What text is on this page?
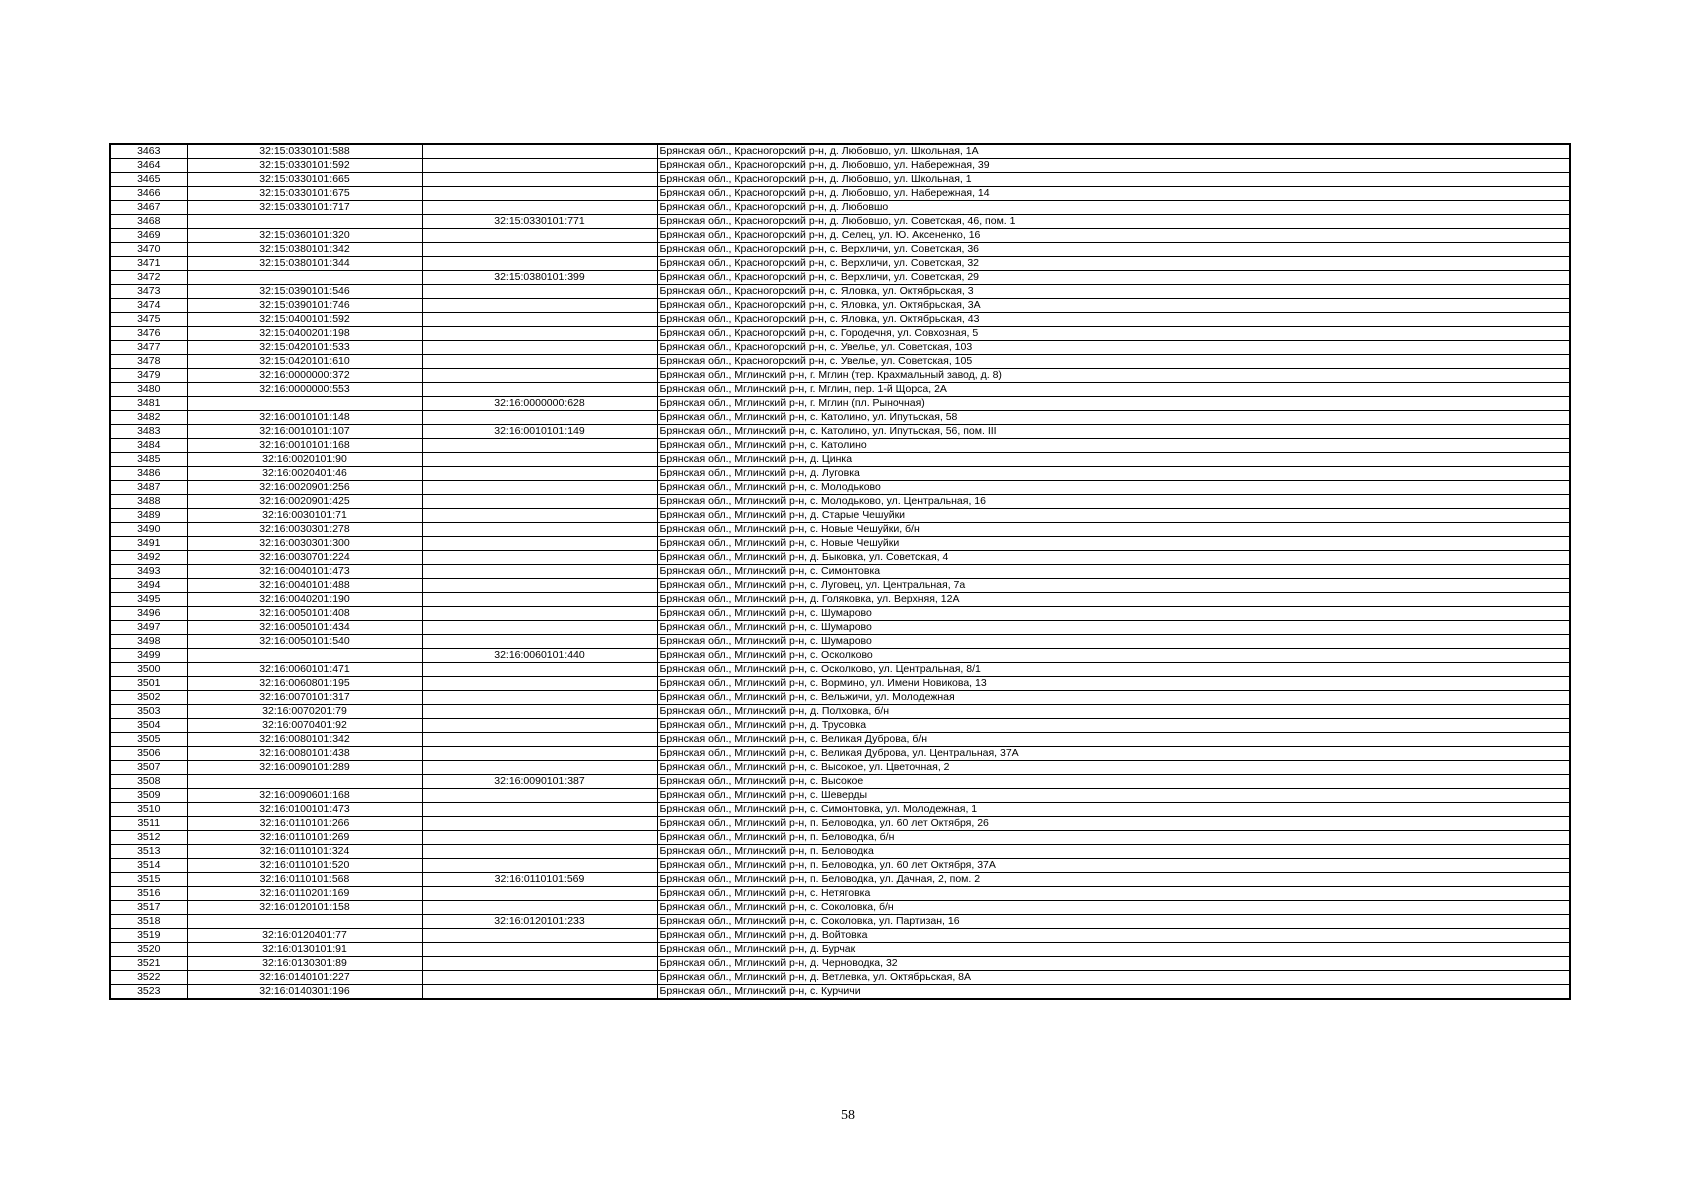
3463	32:15:0330101:588		Брянская обл., Красногорский р-н, д. Любовшо, ул. Школьная, 1А
3464	32:15:0330101:592		Брянская обл., Красногорский р-н, д. Любовшо, ул. Набережная, 39
3465	32:15:0330101:665		Брянская обл., Красногорский р-н, д. Любовшо, ул. Школьная, 1
3466	32:15:0330101:675		Брянская обл., Красногорский р-н, д. Любовшо, ул. Набережная, 14
3467	32:15:0330101:717		Брянская обл., Красногорский р-н, д. Любовшо
3468		32:15:0330101:771	Брянская обл., Красногорский р-н, д. Любовшо, ул. Советская, 46, пом. 1
3469	32:15:0360101:320		Брянская обл., Красногорский р-н, д. Селец, ул. Ю. Аксененко, 16
3470	32:15:0380101:342		Брянская обл., Красногорский р-н, с. Верхличи, ул. Советская, 36
3471	32:15:0380101:344		Брянская обл., Красногорский р-н, с. Верхличи, ул. Советская, 32
3472		32:15:0380101:399	Брянская обл., Красногорский р-н, с. Верхличи, ул. Советская, 29
3473	32:15:0390101:546		Брянская обл., Красногорский р-н, с. Яловка, ул. Октябрьская, 3
3474	32:15:0390101:746		Брянская обл., Красногорский р-н, с. Яловка, ул. Октябрьская, 3А
3475	32:15:0400101:592		Брянская обл., Красногорский р-н, с. Яловка, ул. Октябрьская, 43
3476	32:15:0400201:198		Брянская обл., Красногорский р-н, с. Городечня, ул. Совхозная, 5
3477	32:15:0420101:533		Брянская обл., Красногорский р-н, с. Увелье, ул. Советская, 103
3478	32:15:0420101:610		Брянская обл., Красногорский р-н, с. Увелье, ул. Советская, 105
3479	32:16:0000000:372		Брянская обл., Мглинский р-н, г. Мглин (тер. Крахмальный завод, д. 8)
3480	32:16:0000000:553		Брянская обл., Мглинский р-н, г. Мглин, пер. 1-й Щорса, 2А
3481		32:16:0000000:628	Брянская обл., Мглинский р-н, г. Мглин (пл. Рыночная)
3482	32:16:0010101:148		Брянская обл., Мглинский р-н, с. Католино, ул. Ипутьская, 58
3483	32:16:0010101:107	32:16:0010101:149	Брянская обл., Мглинский р-н, с. Католино, ул. Ипутьская, 56, пом. III
3484	32:16:0010101:168		Брянская обл., Мглинский р-н, с. Католино
3485	32:16:0020101:90		Брянская обл., Мглинский р-н, д. Цинка
3486	32:16:0020401:46		Брянская обл., Мглинский р-н, д. Луговка
3487	32:16:0020901:256		Брянская обл., Мглинский р-н, с. Молодьково
3488	32:16:0020901:425		Брянская обл., Мглинский р-н, с. Молодьково, ул. Центральная, 16
3489	32:16:0030101:71		Брянская обл., Мглинский р-н, д. Старые Чешуйки
3490	32:16:0030301:278		Брянская обл., Мглинский р-н, с. Новые Чешуйки, б/н
3491	32:16:0030301:300		Брянская обл., Мглинский р-н, с. Новые Чешуйки
3492	32:16:0030701:224		Брянская обл., Мглинский р-н, д. Быковка, ул. Советская, 4
3493	32:16:0040101:473		Брянская обл., Мглинский р-н, с. Симонтовка
3494	32:16:0040101:488		Брянская обл., Мглинский р-н, с. Луговец, ул. Центральная, 7а
3495	32:16:0040201:190		Брянская обл., Мглинский р-н, д. Голяковка, ул. Верхняя, 12А
3496	32:16:0050101:408		Брянская обл., Мглинский р-н, с. Шумарово
3497	32:16:0050101:434		Брянская обл., Мглинский р-н, с. Шумарово
3498	32:16:0050101:540		Брянская обл., Мглинский р-н, с. Шумарово
3499		32:16:0060101:440	Брянская обл., Мглинский р-н, с. Осколково
3500	32:16:0060101:471		Брянская обл., Мглинский р-н, с. Осколково, ул. Центральная, 8/1
3501	32:16:0060801:195		Брянская обл., Мглинский р-н, с. Вормино, ул. Имени Новикова, 13
3502	32:16:0070101:317		Брянская обл., Мглинский р-н, с. Вельжичи, ул. Молодежная
3503	32:16:0070201:79		Брянская обл., Мглинский р-н, д. Полховка, б/н
3504	32:16:0070401:92		Брянская обл., Мглинский р-н, д. Трусовка
3505	32:16:0080101:342		Брянская обл., Мглинский р-н, с. Великая Дуброва, б/н
3506	32:16:0080101:438		Брянская обл., Мглинский р-н, с. Великая Дуброва, ул. Центральная, 37А
3507	32:16:0090101:289		Брянская обл., Мглинский р-н, с. Высокое, ул. Цветочная, 2
3508		32:16:0090101:387	Брянская обл., Мглинский р-н, с. Высокое
3509	32:16:0090601:168		Брянская обл., Мглинский р-н, с. Шеверды
3510	32:16:0100101:473		Брянская обл., Мглинский р-н, с. Симонтовка, ул. Молодежная, 1
3511	32:16:0110101:266		Брянская обл., Мглинский р-н, п. Беловодка, ул. 60 лет Октября, 26
3512	32:16:0110101:269		Брянская обл., Мглинский р-н, п. Беловодка, б/н
3513	32:16:0110101:324		Брянская обл., Мглинский р-н, п. Беловодка
3514	32:16:0110101:520		Брянская обл., Мглинский р-н, п. Беловодка, ул. 60 лет Октября, 37А
3515	32:16:0110101:568	32:16:0110101:569	Брянская обл., Мглинский р-н, п. Беловодка, ул. Дачная, 2, пом. 2
3516	32:16:0110201:169		Брянская обл., Мглинский р-н, с. Нетяговка
3517	32:16:0120101:158		Брянская обл., Мглинский р-н, с. Соколовка, б/н
3518		32:16:0120101:233	Брянская обл., Мглинский р-н, с. Соколовка, ул. Партизан, 16
3519	32:16:0120401:77		Брянская обл., Мглинский р-н, д. Войтовка
3520	32:16:0130101:91		Брянская обл., Мглинский р-н, д. Бурчак
3521	32:16:0130301:89		Брянская обл., Мглинский р-н, д. Черноводка, 32
3522	32:16:0140101:227		Брянская обл., Мглинский р-н, д. Ветлевка, ул. Октябрьская, 8А
3523	32:16:0140301:196		Брянская обл., Мглинский р-н, с. Курчичи
58
